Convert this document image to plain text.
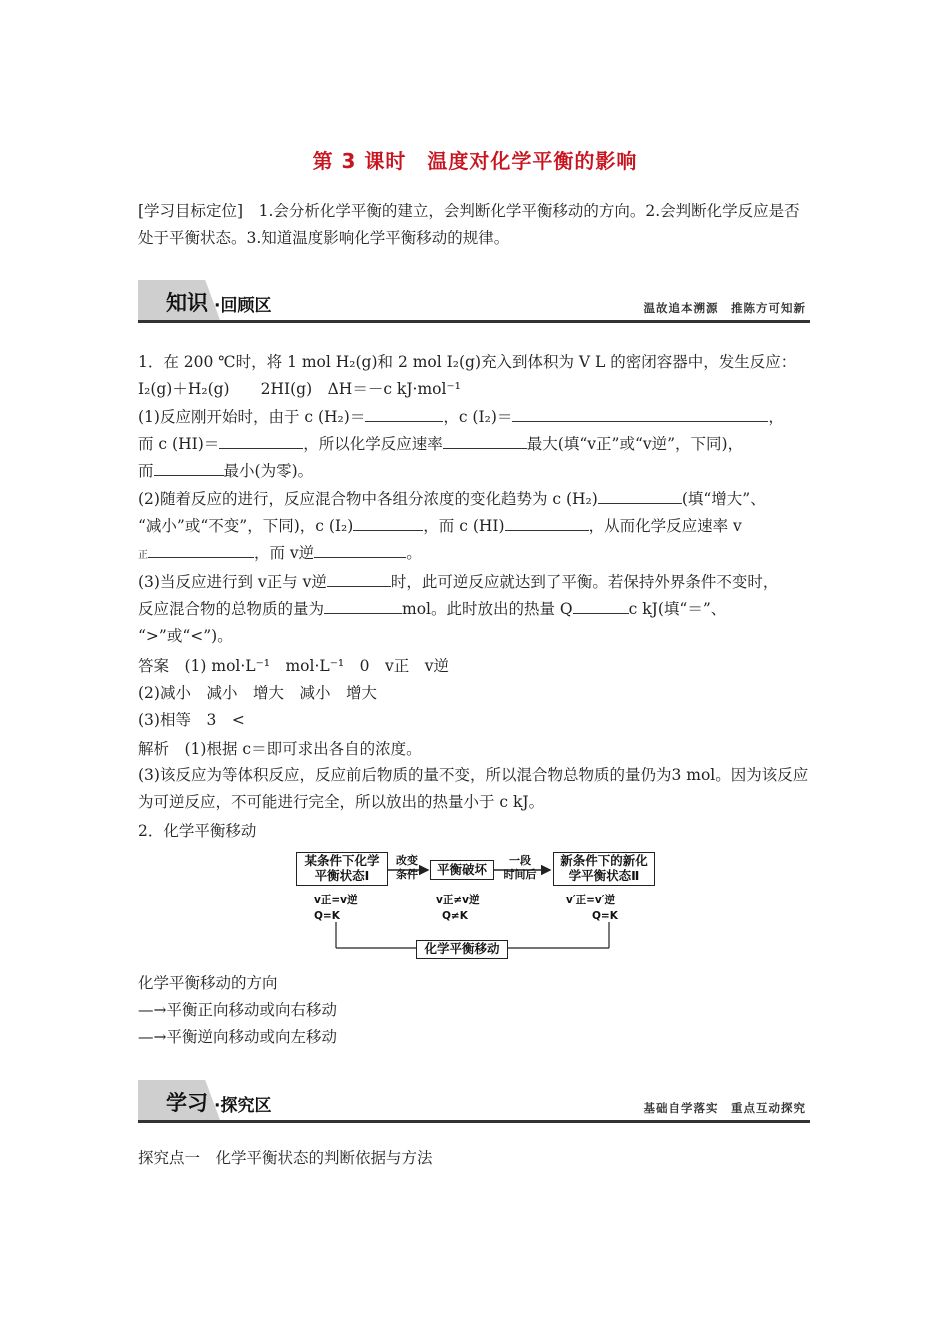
第 3 课时　温度对化学平衡的影响
[学习目标定位]　1.会分析化学平衡的建立，会判断化学平衡移动的方向。2.会判断化学反应是否处于平衡状态。3.知道温度影响化学平衡移动的规律。
知识 ·回顾区	温故追本溯源　推陈方可知新
1．在 200 ℃时，将 1 mol H₂(g)和 2 mol I₂(g)充入到体积为 V L 的密闭容器中，发生反应：
I₂(g)＋H₂(g)　　2HI(g)　ΔH＝－c kJ·mol⁻¹
(1)反应刚开始时，由于 c (H₂)＝	，c (I₂)＝	，
而 c (HI)＝	，所以化学反应速率	最大(填“v正”或“v逆”，下同)，
而	最小(为零)。
(2)随着反应的进行，反应混合物中各组分浓度的变化趋势为 c (H₂)	(填“增大”、
“减小”或“不变”，下同)，c (I₂)	，而 c (HI)	，从而化学反应速率 v
正	，而 v逆	。
(3)当反应进行到 v正与 v逆	时，此可逆反应就达到了平衡。若保持外界条件不变时，
反应混合物的总物质的量为	mol。此时放出的热量 Q	c kJ(填“＝”、
“>”或“<”)。
答案　(1) mol·L⁻¹　mol·L⁻¹　0　v正　v逆
(2)减小　减小　增大　减小　增大
(3)相等　3　<
解析　(1)根据 c＝即可求出各自的浓度。
(3)该反应为等体积反应，反应前后物质的量不变，所以混合物总物质的量仍为3 mol。因为该反应为可逆反应，不可能进行完全，所以放出的热量小于 c kJ。
2．化学平衡移动
某条件下化学
平衡状态Ⅰ
改变
条件	平衡破坏
一段
时间后
新条件下的新化
学平衡状态Ⅱ
v正=v逆
Q=K
v正≠v逆
Q≠K
v′正=v′逆
Q=K
化学平衡移动
化学平衡移动的方向
—→平衡正向移动或向右移动
—→平衡逆向移动或向左移动
学习 ·探究区	基础自学落实　重点互动探究
探究点一　化学平衡状态的判断依据与方法
